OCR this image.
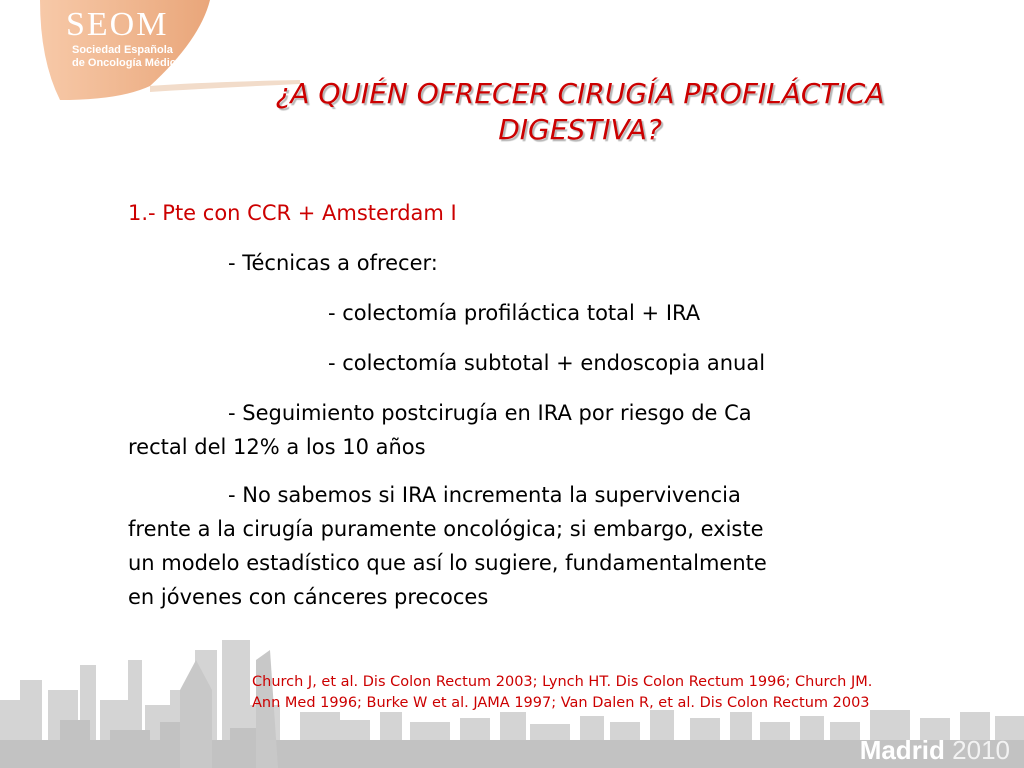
SEOM
Sociedad Española
de Oncología Médica
¿A QUIÉN OFRECER CIRUGÍA PROFILÁCTICA
DIGESTIVA?
1.- Pte con CCR + Amsterdam I
- Técnicas a ofrecer:
- colectomía profiláctica total + IRA
- colectomía subtotal + endoscopia anual
- Seguimiento postcirugía en IRA por riesgo de Ca
rectal del 12% a los 10 años
- No sabemos si IRA incrementa la supervivencia
frente a la cirugía puramente oncológica; si embargo, existe
un modelo estadístico que así lo sugiere, fundamentalmente
en jóvenes con cánceres precoces
Church J, et al. Dis Colon Rectum 2003; Lynch HT. Dis Colon Rectum 1996; Church JM.
Ann Med 1996; Burke W et al. JAMA 1997; Van Dalen R, et al. Dis Colon Rectum 2003
Madrid 2010
